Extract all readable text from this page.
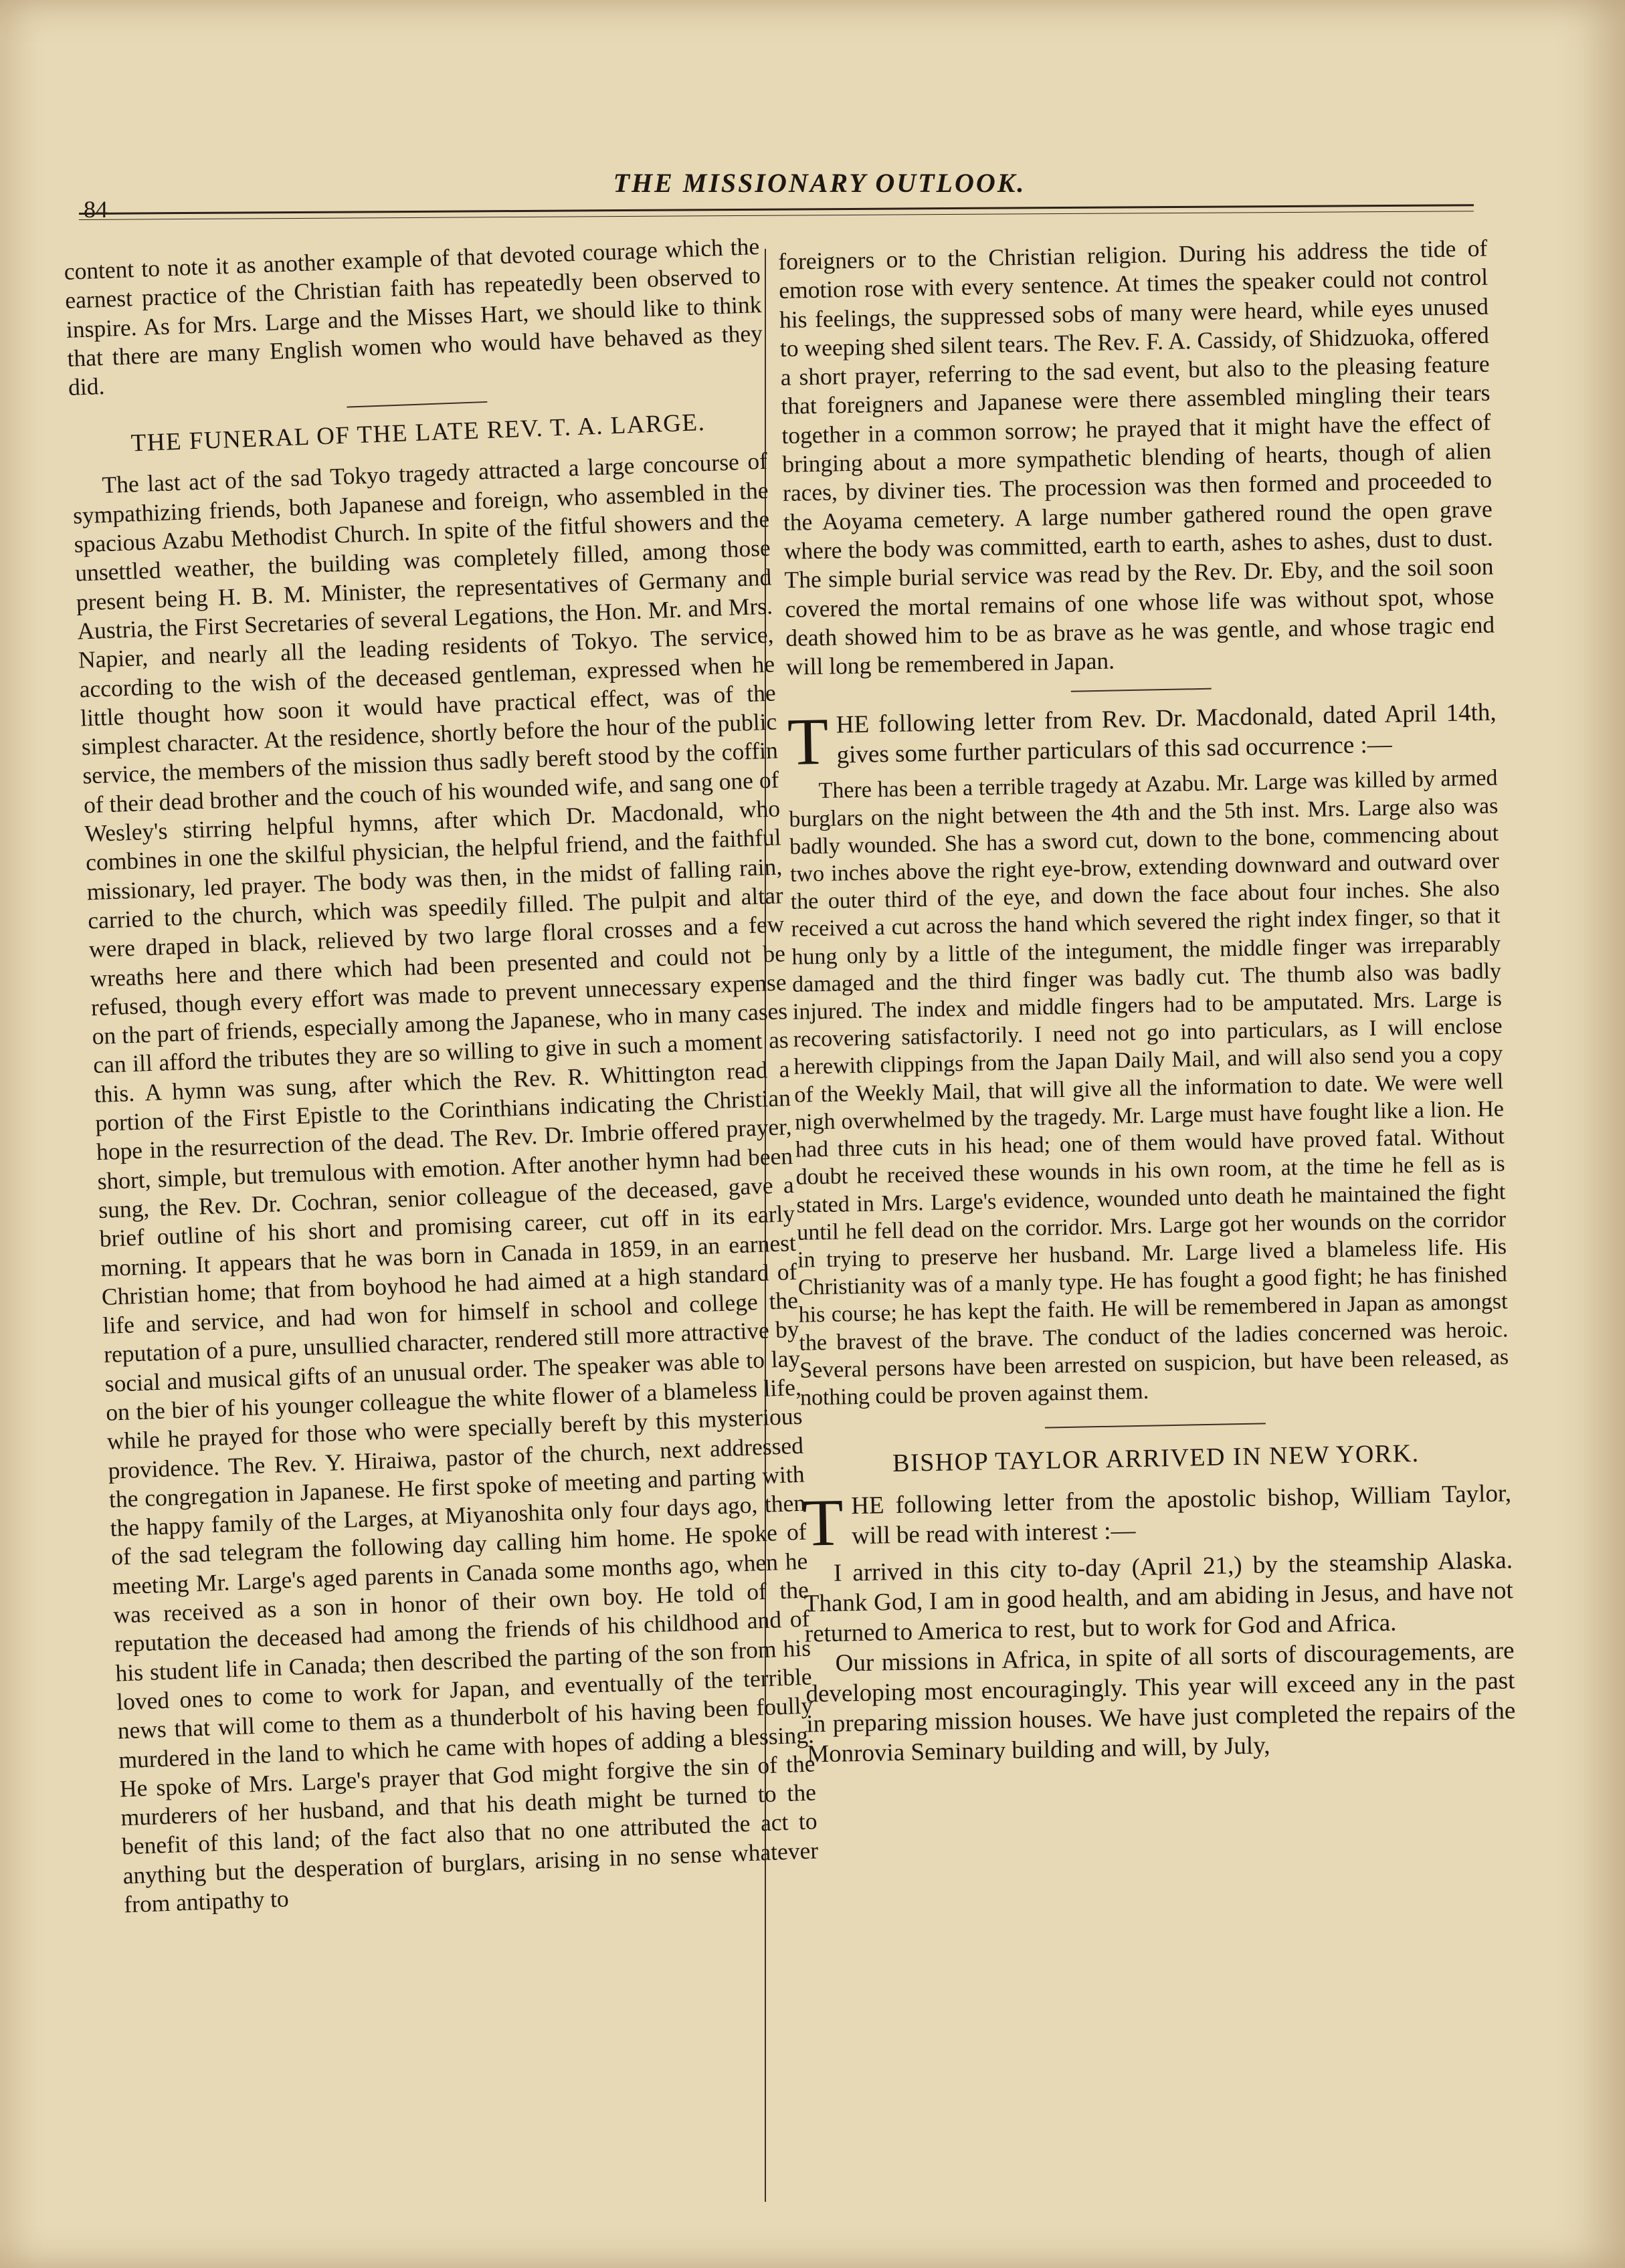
84
THE MISSIONARY OUTLOOK.

content to note it as another example of that devoted courage which the earnest practice of the Christian faith has repeatedly been observed to inspire. As for Mrs. Large and the Misses Hart, we should like to think that there are many English women who would have behaved as they did.

THE FUNERAL OF THE LATE REV. T. A. LARGE.

The last act of the sad Tokyo tragedy attracted a large concourse of sympathizing friends, both Japanese and foreign, who assembled in the spacious Azabu Methodist Church. In spite of the fitful showers and the unsettled weather, the building was completely filled, among those present being H. B. M. Minister, the representatives of Germany and Austria, the First Secretaries of several Legations, the Hon. Mr. and Mrs. Napier, and nearly all the leading residents of Tokyo. The service, according to the wish of the deceased gentleman, expressed when he little thought how soon it would have practical effect, was of the simplest character. At the residence, shortly before the hour of the public service, the members of the mission thus sadly bereft stood by the coffin of their dead brother and the couch of his wounded wife, and sang one of Wesley's stirring helpful hymns, after which Dr. Macdonald, who combines in one the skilful physician, the helpful friend, and the faithful missionary, led prayer. The body was then, in the midst of falling rain, carried to the church, which was speedily filled. The pulpit and altar were draped in black, relieved by two large floral crosses and a few wreaths here and there which had been presented and could not be refused, though every effort was made to prevent unnecessary expense on the part of friends, especially among the Japanese, who in many cases can ill afford the tributes they are so willing to give in such a moment as this. A hymn was sung, after which the Rev. R. Whittington read a portion of the First Epistle to the Corinthians indicating the Christian hope in the resurrection of the dead. The Rev. Dr. Imbrie offered prayer, short, simple, but tremulous with emotion. After another hymn had been sung, the Rev. Dr. Cochran, senior colleague of the deceased, gave a brief outline of his short and promising career, cut off in its early morning. It appears that he was born in Canada in 1859, in an earnest Christian home; that from boyhood he had aimed at a high standard of life and service, and had won for himself in school and college the reputation of a pure, unsullied character, rendered still more attractive by social and musical gifts of an unusual order. The speaker was able to lay on the bier of his younger colleague the white flower of a blameless life, while he prayed for those who were specially bereft by this mysterious providence. The Rev. Y. Hiraiwa, pastor of the church, next addressed the congregation in Japanese. He first spoke of meeting and parting with the happy family of the Larges, at Miyanoshita only four days ago, then of the sad telegram the following day calling him home. He spoke of meeting Mr. Large's aged parents in Canada some months ago, when he was received as a son in honor of their own boy. He told of the reputation the deceased had among the friends of his childhood and of his student life in Canada; then described the parting of the son from his loved ones to come to work for Japan, and eventually of the terrible news that will come to them as a thunderbolt of his having been foully murdered in the land to which he came with hopes of adding a blessing. He spoke of Mrs. Large's prayer that God might forgive the sin of the murderers of her husband, and that his death might be turned to the benefit of this land; of the fact also that no one attributed the act to anything but the desperation of burglars, arising in no sense whatever from antipathy to

foreigners or to the Christian religion. During his address the tide of emotion rose with every sentence. At times the speaker could not control his feelings, the suppressed sobs of many were heard, while eyes unused to weeping shed silent tears. The Rev. F. A. Cassidy, of Shidzuoka, offered a short prayer, referring to the sad event, but also to the pleasing feature that foreigners and Japanese were there assembled mingling their tears together in a common sorrow; he prayed that it might have the effect of bringing about a more sympathetic blending of hearts, though of alien races, by diviner ties. The procession was then formed and proceeded to the Aoyama cemetery. A large number gathered round the open grave where the body was committed, earth to earth, ashes to ashes, dust to dust. The simple burial service was read by the Rev. Dr. Eby, and the soil soon covered the mortal remains of one whose life was without spot, whose death showed him to be as brave as he was gentle, and whose tragic end will long be remembered in Japan.

T HE following letter from Rev. Dr. Macdonald, dated April 14th, gives some further particulars of this sad occurrence :—

There has been a terrible tragedy at Azabu. Mr. Large was killed by armed burglars on the night between the 4th and the 5th inst. Mrs. Large also was badly wounded. She has a sword cut, down to the bone, commencing about two inches above the right eye-brow, extending downward and outward over the outer third of the eye, and down the face about four inches. She also received a cut across the hand which severed the right index finger, so that it hung only by a little of the integument, the middle finger was irreparably damaged and the third finger was badly cut. The thumb also was badly injured. The index and middle fingers had to be amputated. Mrs. Large is recovering satisfactorily. I need not go into particulars, as I will enclose herewith clippings from the Japan Daily Mail, and will also send you a copy of the Weekly Mail, that will give all the information to date. We were well nigh overwhelmed by the tragedy. Mr. Large must have fought like a lion. He had three cuts in his head; one of them would have proved fatal. Without doubt he received these wounds in his own room, at the time he fell as is stated in Mrs. Large's evidence, wounded unto death he maintained the fight until he fell dead on the corridor. Mrs. Large got her wounds on the corridor in trying to preserve her husband. Mr. Large lived a blameless life. His Christianity was of a manly type. He has fought a good fight; he has finished his course; he has kept the faith. He will be remembered in Japan as amongst the bravest of the brave. The conduct of the ladies concerned was heroic. Several persons have been arrested on suspicion, but have been released, as nothing could be proven against them.

BISHOP TAYLOR ARRIVED IN NEW YORK.
T HE following letter from the apostolic bishop, William Taylor, will be read with interest :—

I arrived in this city to-day (April 21,) by the steamship Alaska. Thank God, I am in good health, and am abiding in Jesus, and have not returned to America to rest, but to work for God and Africa.

Our missions in Africa, in spite of all sorts of discouragements, are developing most encouragingly. This year will exceed any in the past in preparing mission houses. We have just completed the repairs of the Monrovia Seminary building and will, by July,
